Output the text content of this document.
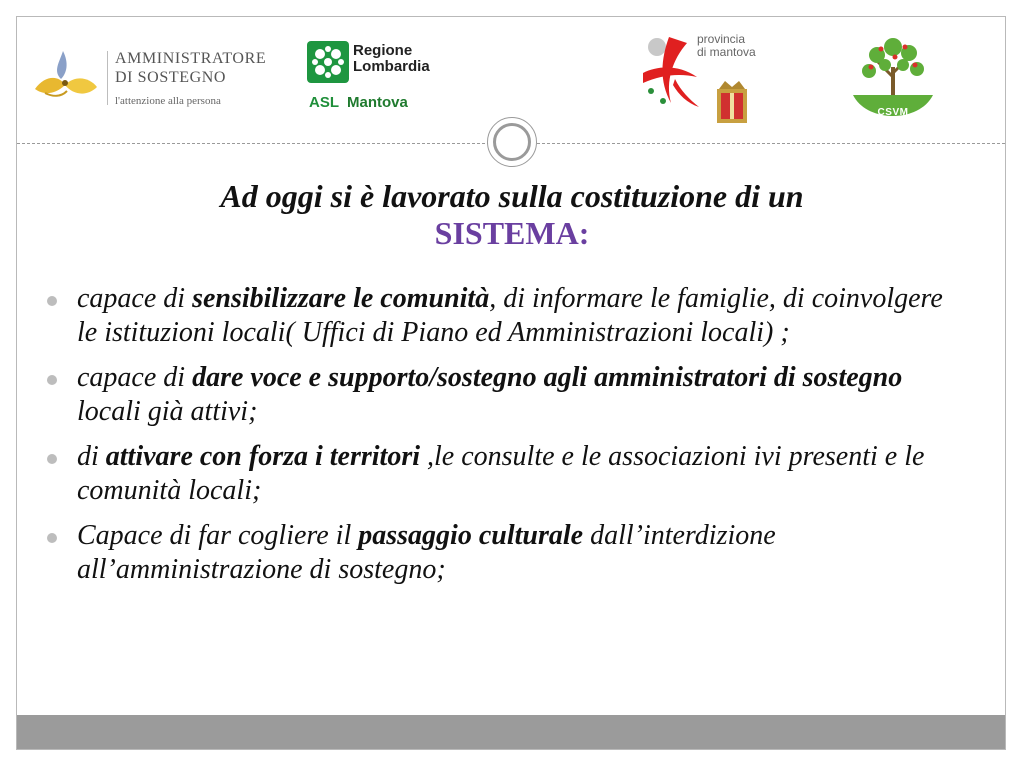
AMMINISTRATORE
DI SOSTEGNO
l'attenzione alla persona
Regione
Lombardia
ASL Mantova
provincia
di mantova
CSVM
Ad oggi si è lavorato sulla costituzione di un
SISTEMA:
capace di sensibilizzare le comunità, di informare le famiglie, di coinvolgere le istituzioni locali( Uffici di Piano ed Amministrazioni locali) ;
capace di dare voce e supporto/sostegno agli amministratori di sostegno locali già attivi;
di attivare con forza i territori ,le consulte e le associazioni ivi presenti e le comunità locali;
Capace di far cogliere il passaggio culturale dall’interdizione all’amministrazione di sostegno;
